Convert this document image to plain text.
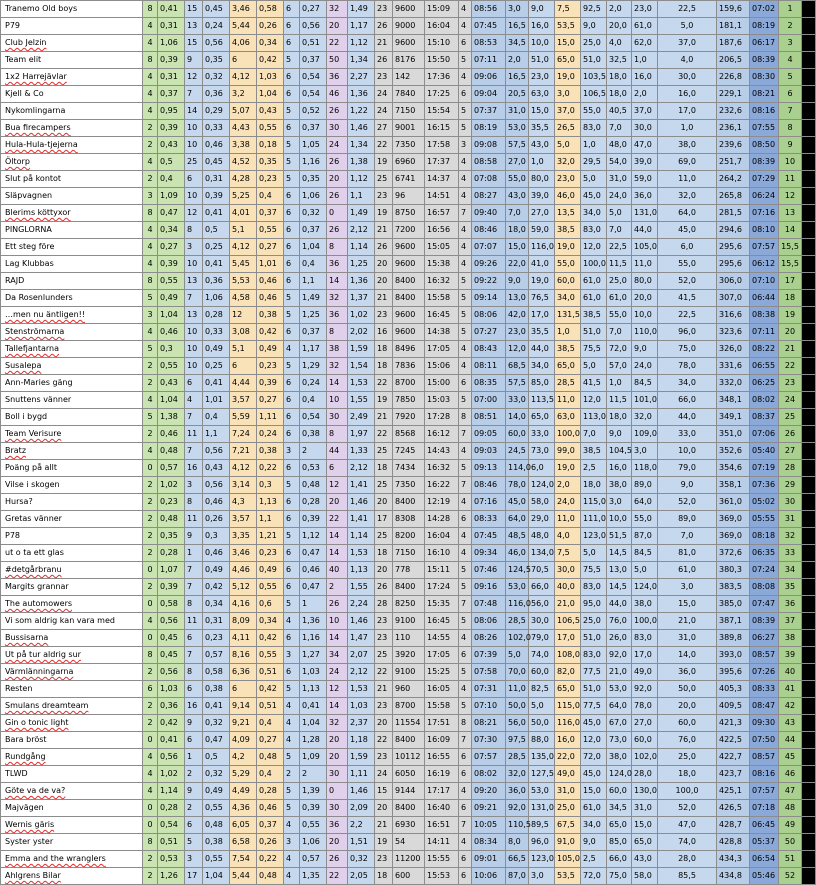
Tranemo Old boys	8	0,41	15	0,45	3,46	0,58	6	0,27	32	1,49	23	9600	15:09	4	08:56	3,0	9,0	7,5	92,5	2,0	23,0	22,5	159,6	07:02	1	
P79	4	0,31	13	0,24	5,44	0,26	6	0,56	20	1,17	26	9000	16:04	4	07:45	16,5	16,0	53,5	9,0	20,0	61,0	5,0	181,1	08:19	2	
Club Jelzin	4	1,06	15	0,56	4,06	0,34	6	0,51	22	1,12	21	9600	15:10	6	08:53	34,5	10,0	15,0	25,0	4,0	62,0	37,0	187,6	06:17	3	
Team elit	8	0,39	9	0,35	6	0,42	5	0,37	50	1,34	26	8176	15:50	5	07:11	2,0	51,0	65,0	51,0	32,5	1,0	4,0	206,5	08:39	4	
1x2 Harrejävlar	4	0,31	12	0,32	4,12	1,03	6	0,54	36	2,27	23	142	17:36	4	09:06	16,5	23,0	19,0	103,5	18,0	16,0	30,0	226,8	08:30	5	
Kjell & Co	4	0,37	7	0,36	3,2	1,04	6	0,54	46	1,36	24	7840	17:25	6	09:04	20,5	63,0	3,0	106,5	18,0	2,0	16,0	229,1	08:21	6	
Nykomlingarna	4	0,95	14	0,29	5,07	0,43	5	0,52	26	1,22	24	7150	15:54	5	07:37	31,0	15,0	37,0	55,0	40,5	37,0	17,0	232,6	08:16	7	
Bua firecampers	2	0,39	10	0,33	4,43	0,55	6	0,37	30	1,46	27	9001	16:15	5	08:19	53,0	35,5	26,5	83,0	7,0	30,0	1,0	236,1	07:55	8	
Hula-Hula-tjejerna	2	0,43	10	0,46	3,38	0,18	5	1,05	24	1,34	22	7350	17:58	3	09:08	57,5	43,0	5,0	1,0	48,0	47,0	38,0	239,6	08:50	9	
Öltorp	4	0,5	25	0,45	4,52	0,35	5	1,16	26	1,38	19	6960	17:37	4	08:58	27,0	1,0	32,0	29,5	54,0	39,0	69,0	251,7	08:39	10	
Slut på kontot	2	0,4	6	0,31	4,28	0,23	5	0,35	20	1,12	25	6741	14:37	4	07:08	55,0	80,0	23,0	5,0	31,0	59,0	11,0	264,2	07:29	11	
Släpvagnen	3	1,09	10	0,39	5,25	0,4	6	1,06	26	1,1	23	96	14:51	4	08:27	43,0	39,0	46,0	45,0	24,0	36,0	32,0	265,8	06:24	12	
Blerims köttyxor	8	0,47	12	0,41	4,01	0,37	6	0,32	0	1,49	19	8750	16:57	7	09:40	7,0	27,0	13,5	34,0	5,0	131,0	64,0	281,5	07:16	13	
PINGLORNA	4	0,34	8	0,5	5,1	0,55	6	0,37	26	2,12	21	7200	16:56	4	08:46	18,0	59,0	38,5	83,0	7,0	44,0	45,0	294,6	08:10	14	
Ett steg före	4	0,27	3	0,25	4,12	0,27	6	1,04	8	1,14	26	9600	15:05	4	07:07	15,0	116,0	19,0	12,0	22,5	105,0	6,0	295,6	07:57	15,5	
Lag Klubbas	4	0,39	10	0,41	5,45	1,01	6	0,4	36	1,25	20	9600	15:38	4	09:26	22,0	41,0	55,0	100,0	11,5	11,0	55,0	295,6	06:12	15,5	
RAJD	8	0,55	13	0,36	5,53	0,46	6	1,1	14	1,36	20	8400	16:32	5	09:22	9,0	19,0	60,0	61,0	25,0	80,0	52,0	306,0	07:10	17	
Da Rosenlunders	5	0,49	7	1,06	4,58	0,46	5	1,49	32	1,37	21	8400	15:58	5	09:14	13,0	76,5	34,0	61,0	61,0	20,0	41,5	307,0	06:44	18	
…men nu äntligen!!	3	1,04	13	0,28	12	0,38	5	1,25	36	1,02	23	9600	16:45	5	08:06	42,0	17,0	131,5	38,5	55,0	10,0	22,5	316,6	08:38	19	
Stenströmarna	4	0,46	10	0,33	3,08	0,42	6	0,37	8	2,02	16	9600	14:38	5	07:27	23,0	35,5	1,0	51,0	7,0	110,0	96,0	323,6	07:11	20	
Tallefjantarna	5	0,3	10	0,49	5,1	0,49	4	1,17	38	1,59	18	8496	17:05	4	08:43	12,0	44,0	38,5	75,5	72,0	9,0	75,0	326,0	08:22	21	
Susalepa	2	0,55	10	0,25	6	0,23	5	1,29	32	1,54	18	7836	15:06	4	08:11	68,5	34,0	65,0	5,0	57,0	24,0	78,0	331,6	06:55	22	
Ann-Maries gäng	2	0,43	6	0,41	4,44	0,39	6	0,24	14	1,53	22	8700	15:00	6	08:35	57,5	85,0	28,5	41,5	1,0	84,5	34,0	332,0	06:25	23	
Snuttens vänner	4	1,04	4	1,01	3,57	0,27	6	0,4	10	1,55	19	7850	15:03	5	07:00	33,0	113,5	11,0	12,0	11,5	101,0	66,0	348,1	08:02	24	
Boll i bygd	5	1,38	7	0,4	5,59	1,11	6	0,54	30	2,49	21	7920	17:28	8	08:51	14,0	65,0	63,0	113,0	18,0	32,0	44,0	349,1	08:37	25	
Team Verisure	2	0,46	11	1,1	7,24	0,24	6	0,38	8	1,97	22	8568	16:12	7	09:05	60,0	33,0	100,0	7,0	9,0	109,0	33,0	351,0	07:06	26	
Bratz	4	0,48	7	0,56	7,21	0,38	3	2	44	1,33	25	7245	14:43	4	09:03	24,5	73,0	99,0	38,5	104,5	3,0	10,0	352,6	05:40	27	
Poäng på allt	0	0,57	16	0,43	4,12	0,22	6	0,53	6	2,12	18	7434	16:32	5	09:13	114,0	6,0	19,0	2,5	16,0	118,0	79,0	354,6	07:19	28	
Vilse i skogen	2	1,02	3	0,56	3,14	0,3	5	0,48	12	1,41	25	7350	16:22	7	08:46	78,0	124,0	2,0	18,0	38,0	89,0	9,0	358,1	07:36	29	
Hursa?	2	0,23	8	0,46	4,3	1,13	6	0,28	20	1,46	20	8400	12:19	4	07:16	45,0	58,0	24,0	115,0	3,0	64,0	52,0	361,0	05:02	30	
Gretas vänner	2	0,48	11	0,26	3,57	1,1	6	0,39	22	1,41	17	8308	14:28	6	08:33	64,0	29,0	11,0	111,0	10,0	55,0	89,0	369,0	05:55	31	
P78	2	0,35	9	0,3	3,35	1,21	5	1,12	14	1,14	25	8200	16:04	4	07:45	48,5	48,0	4,0	123,0	51,5	87,0	7,0	369,0	08:18	32	
ut o ta ett glas	2	0,28	1	0,46	3,46	0,23	6	0,47	14	1,53	18	7150	16:10	4	09:34	46,0	134,0	7,5	5,0	14,5	84,5	81,0	372,6	06:35	33	
#detgårbranu	0	1,07	7	0,49	4,46	0,49	6	0,46	40	1,13	20	778	15:11	5	07:46	124,5	70,5	30,0	75,5	13,0	5,0	61,0	380,3	07:24	34	
Margits grannar	2	0,39	7	0,42	5,12	0,55	6	0,47	2	1,55	26	8400	17:24	5	09:16	53,0	66,0	40,0	83,0	14,5	124,0	3,0	383,5	08:08	35	
The automowers	0	0,58	8	0,34	4,16	0,6	5	1	26	2,24	28	8250	15:35	7	07:48	116,0	56,0	21,0	95,0	44,0	38,0	15,0	385,0	07:47	36	
Vi som aldrig kan vara med	4	0,56	11	0,31	8,09	0,34	4	1,36	10	1,46	23	9100	16:45	5	08:06	28,5	30,0	106,5	25,0	76,0	100,0	21,0	387,1	08:39	37	
Bussisarna	0	0,45	6	0,23	4,11	0,42	6	1,16	14	1,47	23	110	14:55	4	08:26	102,0	79,0	17,0	51,0	26,0	83,0	31,0	389,8	06:27	38	
Ut på tur aldrig sur	8	0,45	7	0,57	8,16	0,55	3	1,27	34	2,07	25	3920	17:05	6	07:39	5,0	74,0	108,0	83,0	92,0	17,0	14,0	393,0	08:57	39	
Värmlänningarna	2	0,56	8	0,58	6,36	0,51	6	1,03	24	2,12	22	9100	15:25	5	07:58	70,0	60,0	82,0	77,5	21,0	49,0	36,0	395,6	07:26	40	
Resten	6	1,03	6	0,38	6	0,42	5	1,13	12	1,53	21	960	16:05	4	07:31	11,0	82,5	65,0	51,0	53,0	92,0	50,0	405,3	08:33	41	
Smulans dreamteam	2	0,36	16	0,41	9,14	0,51	4	0,41	14	1,03	23	8700	15:58	5	07:10	50,0	5,0	115,0	77,5	64,0	78,0	20,0	409,5	08:47	42	
Gin o tonic light	2	0,42	9	0,32	9,21	0,4	4	1,04	32	2,37	20	11554	17:51	8	08:21	56,0	50,0	116,0	45,0	67,0	27,0	60,0	421,3	09:30	43	
Bara bröst	0	0,41	6	0,47	4,09	0,27	4	1,28	20	1,18	22	8400	16:09	7	07:30	97,5	88,0	16,0	12,0	73,0	60,0	76,0	422,5	07:50	44	
Rundgång	4	0,56	1	0,5	4,2	0,48	5	1,09	20	1,59	23	10112	16:55	6	07:57	28,5	135,0	22,0	72,0	38,0	102,0	25,0	422,7	08:57	45	
TLWD	4	1,02	2	0,32	5,29	0,4	2	2	30	1,11	24	6050	16:19	6	08:02	32,0	127,5	49,0	45,0	124,0	28,0	18,0	423,7	08:16	46	
Göte va de va?	4	1,14	9	0,49	4,49	0,28	5	1,39	0	1,46	15	9144	17:17	4	09:20	36,0	53,0	31,0	15,0	60,0	130,0	100,0	425,1	07:57	47	
Majvägen	0	0,28	2	0,55	4,36	0,46	5	0,39	30	2,09	20	8400	16:40	6	09:21	92,0	131,0	25,0	61,0	34,5	31,0	52,0	426,5	07:18	48	
Wernis gäris	0	0,54	6	0,48	6,05	0,37	4	0,55	36	2,2	21	6930	16:51	7	10:05	110,5	89,5	67,5	34,0	65,0	15,0	47,0	428,7	06:45	49	
Syster yster	8	0,51	5	0,38	6,58	0,26	3	1,06	20	1,51	19	54	14:11	4	08:34	8,0	96,0	91,0	9,0	85,0	65,0	74,0	428,8	05:37	50	
Emma and the wranglers	2	0,53	3	0,55	7,54	0,22	4	0,57	26	0,32	23	11200	15:55	6	09:01	66,5	123,0	105,0	2,5	66,0	43,0	28,0	434,3	06:54	51	
Ahlgrens Bilar	2	1,26	17	1,04	5,44	0,48	4	1,35	22	2,05	18	600	15:53	6	10:06	87,0	3,0	53,5	72,0	75,0	58,0	85,5	434,8	05:46	52	
